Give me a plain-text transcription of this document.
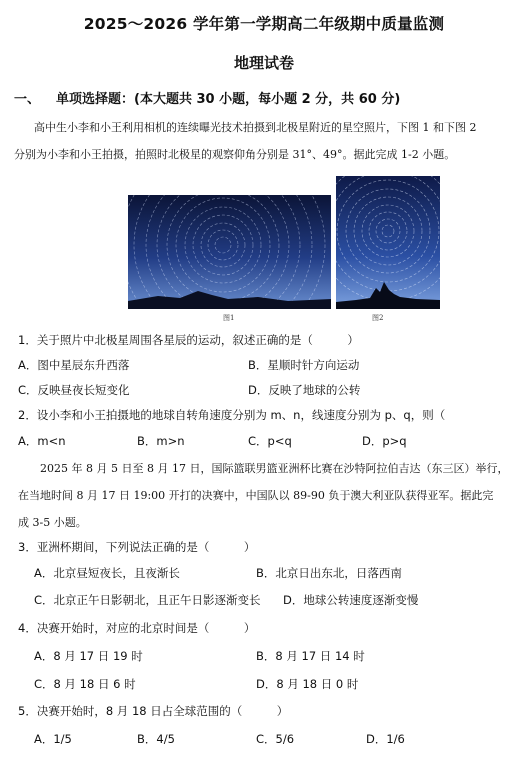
2025～2026 学年第一学期高二年级期中质量监测
地理试卷
一、 单项选择题：(本大题共 30 小题，每小题 2 分，共 60 分)
高中生小李和小王利用相机的连续曝光技术拍摄到北极星附近的星空照片，下图 1 和下图 2
分别为小李和小王拍摄，拍照时北极星的观察仰角分别是 31°、49°。据此完成 1-2 小题。
图1	图2
1．关于照片中北极星周围各星辰的运动，叙述正确的是（　　　）
A．图中星辰东升西落	B．星顺时针方向运动
C．反映昼夜长短变化	D．反映了地球的公转
2．设小李和小王拍摄地的地球自转角速度分别为 m、n，线速度分别为 p、q，则（
A．m<n	B．m>n	C．p<q	D．p>q
2025 年 8 月 5 日至 8 月 17 日，国际篮联男篮亚洲杯比赛在沙特阿拉伯吉达（东三区）举行，
在当地时间 8 月 17 日 19:00 开打的决赛中，中国队以 89-90 负于澳大利亚队获得亚军。据此完
成 3-5 小题。
3．亚洲杯期间，下列说法正确的是（　　　）
A．北京昼短夜长，且夜渐长	B．北京日出东北，日落西南
C．北京正午日影朝北，且正午日影逐渐变长 D．地球公转速度逐渐变慢
4．决赛开始时，对应的北京时间是（　　　）
A．8 月 17 日 19 时	B．8 月 17 日 14 时
C．8 月 18 日 6 时	D．8 月 18 日 0 时
5．决赛开始时，8 月 18 日占全球范围的（　　　）
A．1/5	B．4/5	C．5/6	D．1/6
